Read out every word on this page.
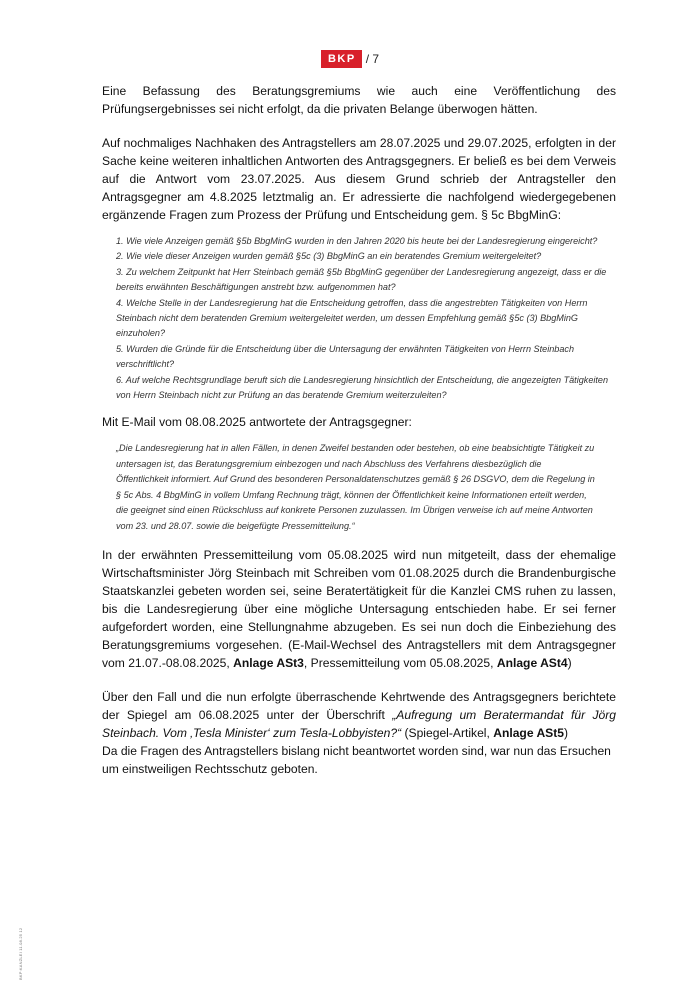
BKP / 7

Eine Befassung des Beratungsgremiums wie auch eine Veröffentlichung des Prüfungsergebnisses sei nicht erfolgt, da die privaten Belange überwogen hätten.

Auf nochmaliges Nachhaken des Antragstellers am 28.07.2025 und 29.07.2025, erfolgten in der Sache keine weiteren inhaltlichen Antworten des Antragsgegners. Er beließ es bei dem Verweis auf die Antwort vom 23.07.2025. Aus diesem Grund schrieb der Antragsteller den Antragsgegner am 4.8.2025 letztmalig an. Er adressierte die nachfolgend wiedergegebenen ergänzende Fragen zum Prozess der Prüfung und Entscheidung gem. § 5c BbgMinG:

1. Wie viele Anzeigen gemäß §5b BbgMinG wurden in den Jahren 2020 bis heute bei der Landesregierung eingereicht?
2. Wie viele dieser Anzeigen wurden gemäß §5c (3) BbgMinG an ein beratendes Gremium weitergeleitet?
3. Zu welchem Zeitpunkt hat Herr Steinbach gemäß §5b BbgMinG gegenüber der Landesregierung angezeigt, dass er die bereits erwähnten Beschäftigungen anstrebt bzw. aufgenommen hat?
4. Welche Stelle in der Landesregierung hat die Entscheidung getroffen, dass die angestrebten Tätigkeiten von Herrn Steinbach nicht dem beratenden Gremium weitergeleitet werden, um dessen Empfehlung gemäß §5c (3) BbgMinG einzuholen?
5. Wurden die Gründe für die Entscheidung über die Untersagung der erwähnten Tätigkeiten von Herrn Steinbach verschriftlicht?
6. Auf welche Rechtsgrundlage beruft sich die Landesregierung hinsichtlich der Entscheidung, die angezeigten Tätigkeiten von Herrn Steinbach nicht zur Prüfung an das beratende Gremium weiterzuleiten?

Mit E-Mail vom 08.08.2025 antwortete der Antragsgegner:

„Die Landesregierung hat in allen Fällen, in denen Zweifel bestanden oder bestehen, ob eine beabsichtigte Tätigkeit zu untersagen ist, das Beratungsgremium einbezogen und nach Abschluss des Verfahrens diesbezüglich die Öffentlichkeit informiert. Auf Grund des besonderen Personaldatenschutzes gemäß § 26 DSGVO, dem die Regelung in § 5c Abs. 4 BbgMinG in vollem Umfang Rechnung trägt, können der Öffentlichkeit keine Informationen erteilt werden, die geeignet sind einen Rückschluss auf konkrete Personen zuzulassen. Im Übrigen verweise ich auf meine Antworten vom 23. und 28.07. sowie die beigefügte Pressemitteilung.“

In der erwähnten Pressemitteilung vom 05.08.2025 wird nun mitgeteilt, dass der ehemalige Wirtschaftsminister Jörg Steinbach mit Schreiben vom 01.08.2025 durch die Brandenburgische Staatskanzlei gebeten worden sei, seine Beratertätigkeit für die Kanzlei CMS ruhen zu lassen, bis die Landesregierung über eine mögliche Untersagung entschieden habe. Er sei ferner aufgefordert worden, eine Stellungnahme abzugeben. Es sei nun doch die Einbeziehung des Beratungsgremiums vorgesehen. (E-Mail-Wechsel des Antragstellers mit dem Antragsgegner vom 21.07.-08.08.2025, Anlage ASt3, Pressemitteilung vom 05.08.2025, Anlage ASt4)

Über den Fall und die nun erfolgte überraschende Kehrtwende des Antragsgegners berichtete der Spiegel am 06.08.2025 unter der Überschrift „Aufregung um Beratermandat für Jörg Steinbach. Vom ‚Tesla Minister‘ zum Tesla-Lobbyisten?“ (Spiegel-Artikel, Anlage ASt5)

Da die Fragen des Antragstellers bislang nicht beantwortet worden sind, war nun das Ersuchen um einstweiligen Rechtsschutz geboten.

BKP:KANZLEI 11.08.25 12
